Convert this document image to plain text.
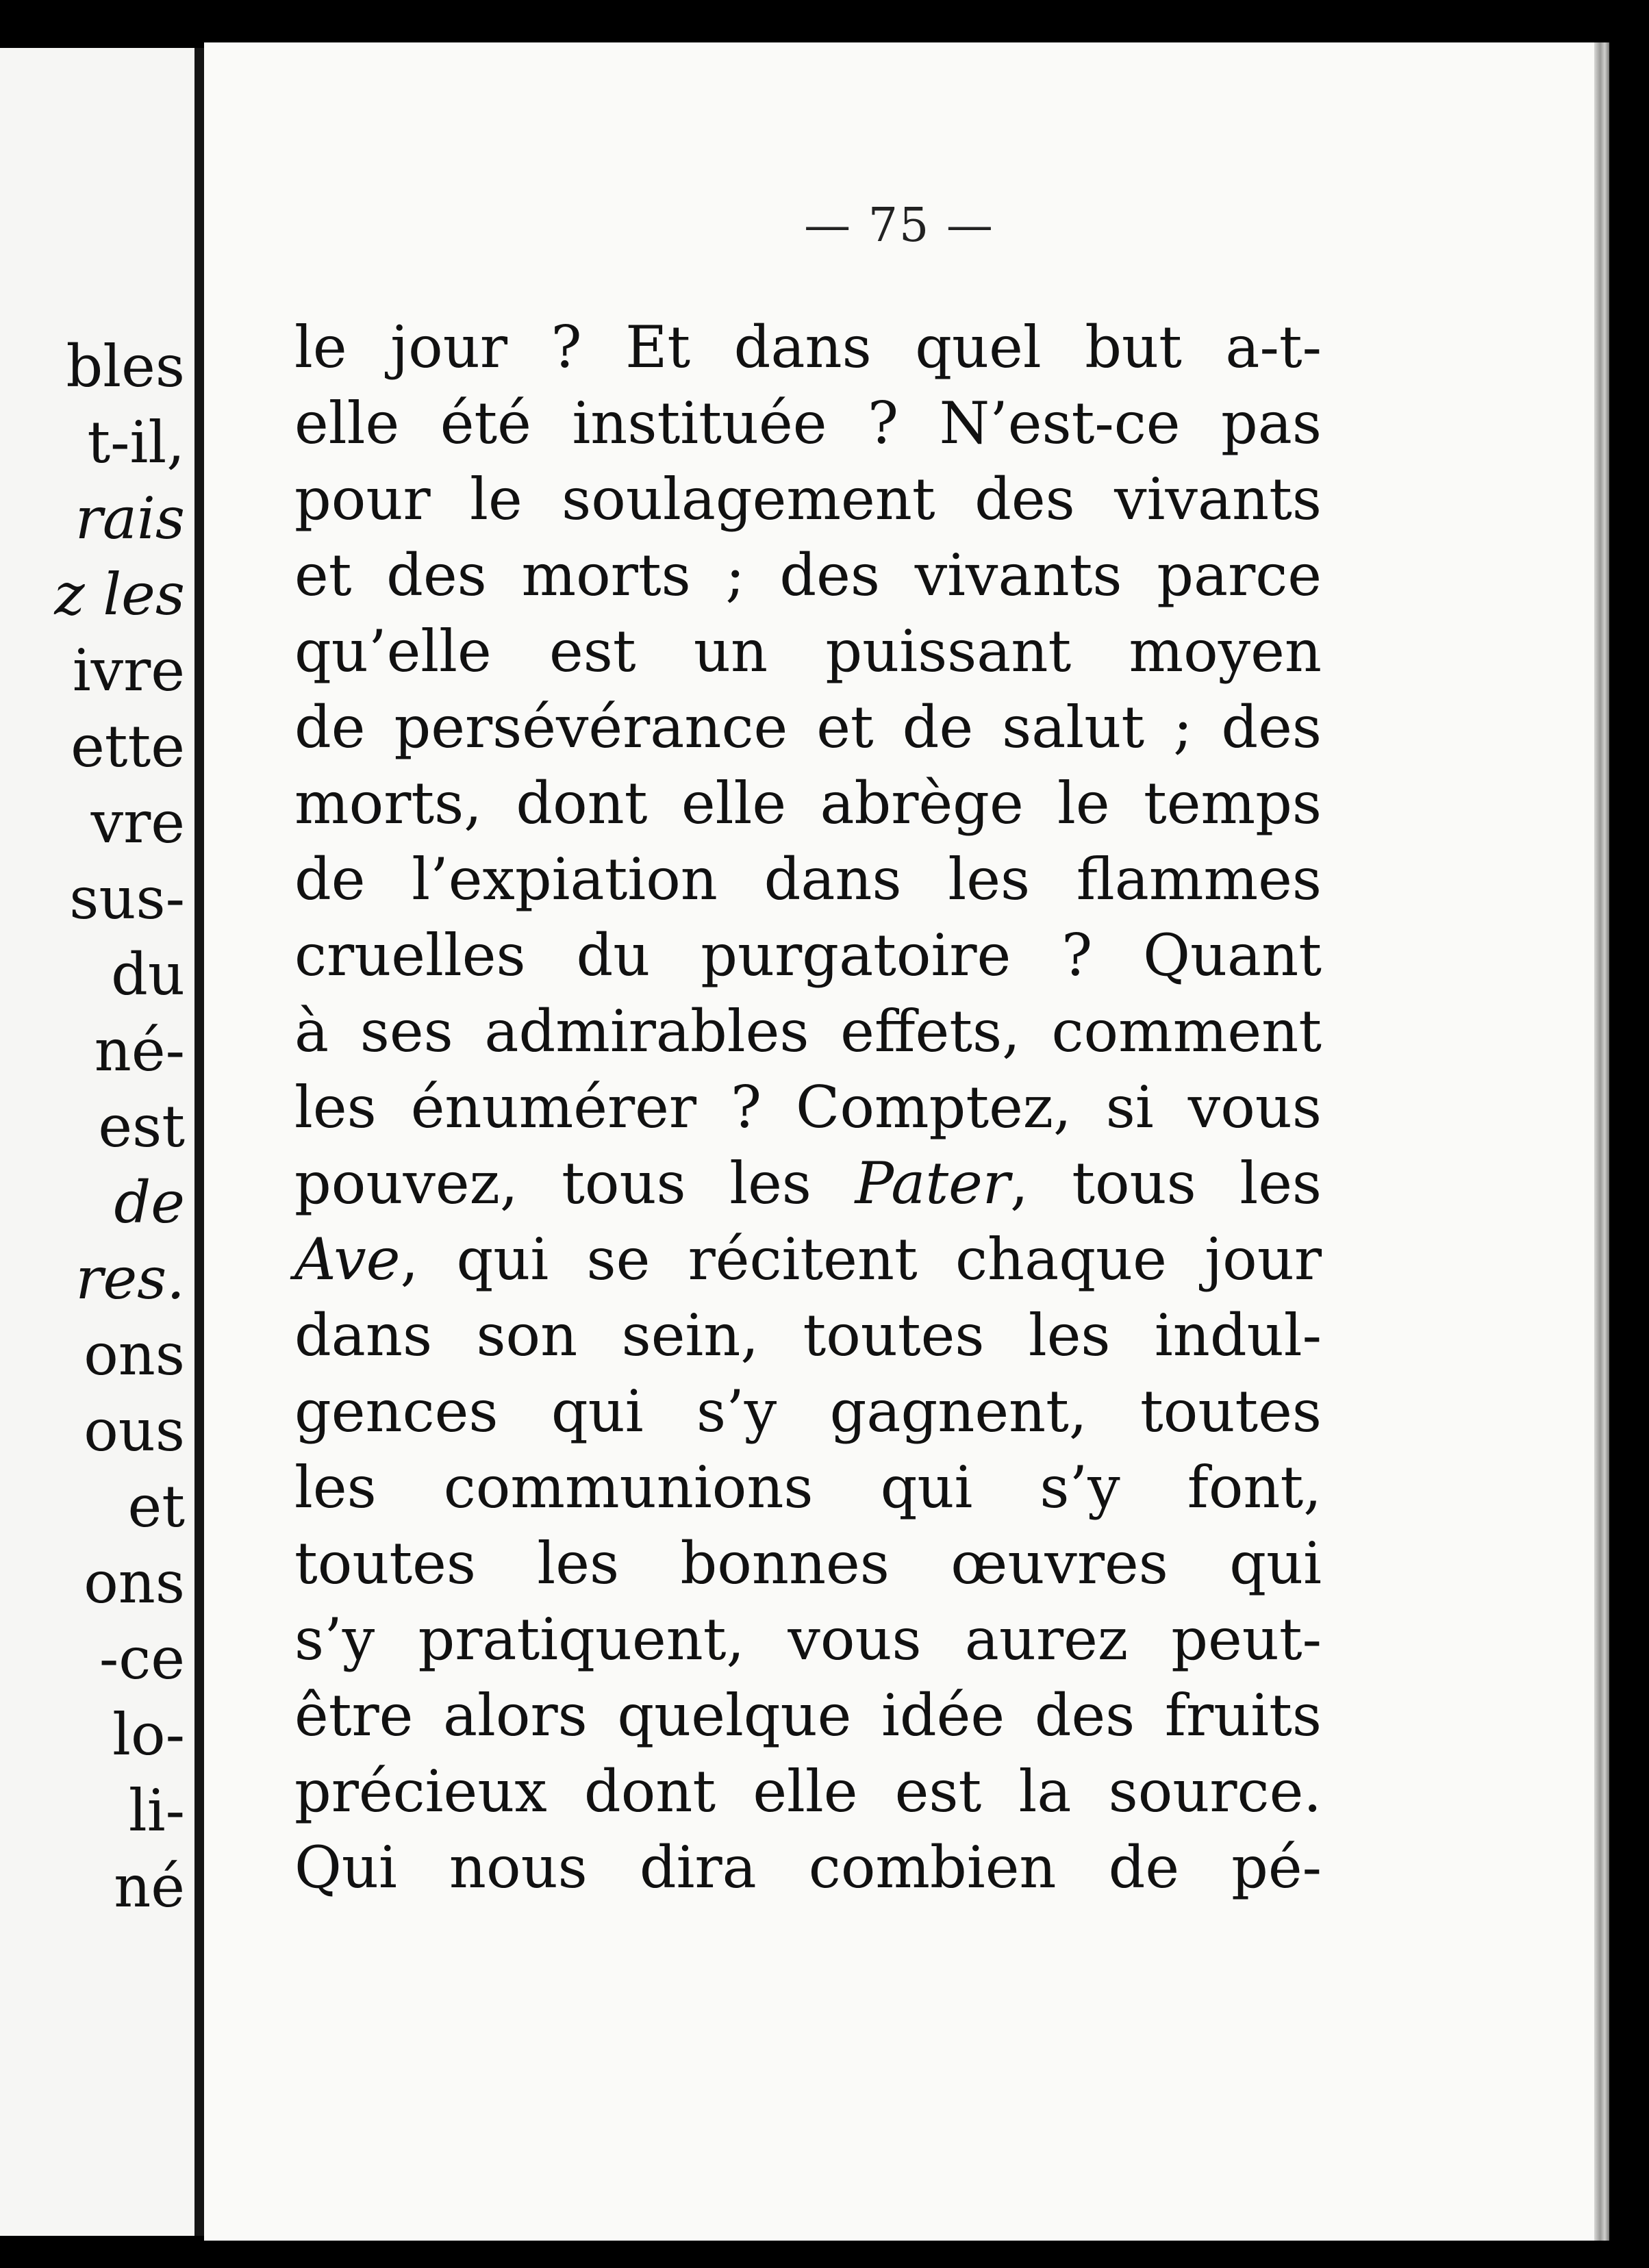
bles
t-il,
rais
z les
ivre
ette
vre
sus-
du
né-
est
de
res.
ons
ous
et
ons
-ce
lo-
li-
né
— 75 —
le jour ? Et dans quel but a-t-
elle été instituée ? N’est-ce pas
pour le soulagement des vivants
et des morts ; des vivants parce
qu’elle est un puissant moyen
de persévérance et de salut ; des
morts, dont elle abrège le temps
de l’expiation dans les flammes
cruelles du purgatoire ? Quant
à ses admirables effets, comment
les énumérer ? Comptez, si vous
pouvez, tous les Pater, tous les
Ave, qui se récitent chaque jour
dans son sein, toutes les indul-
gences qui s’y gagnent, toutes
les communions qui s’y font,
toutes les bonnes œuvres qui
s’y pratiquent, vous aurez peut-
être alors quelque idée des fruits
précieux dont elle est la source.
Qui nous dira combien de pé-
